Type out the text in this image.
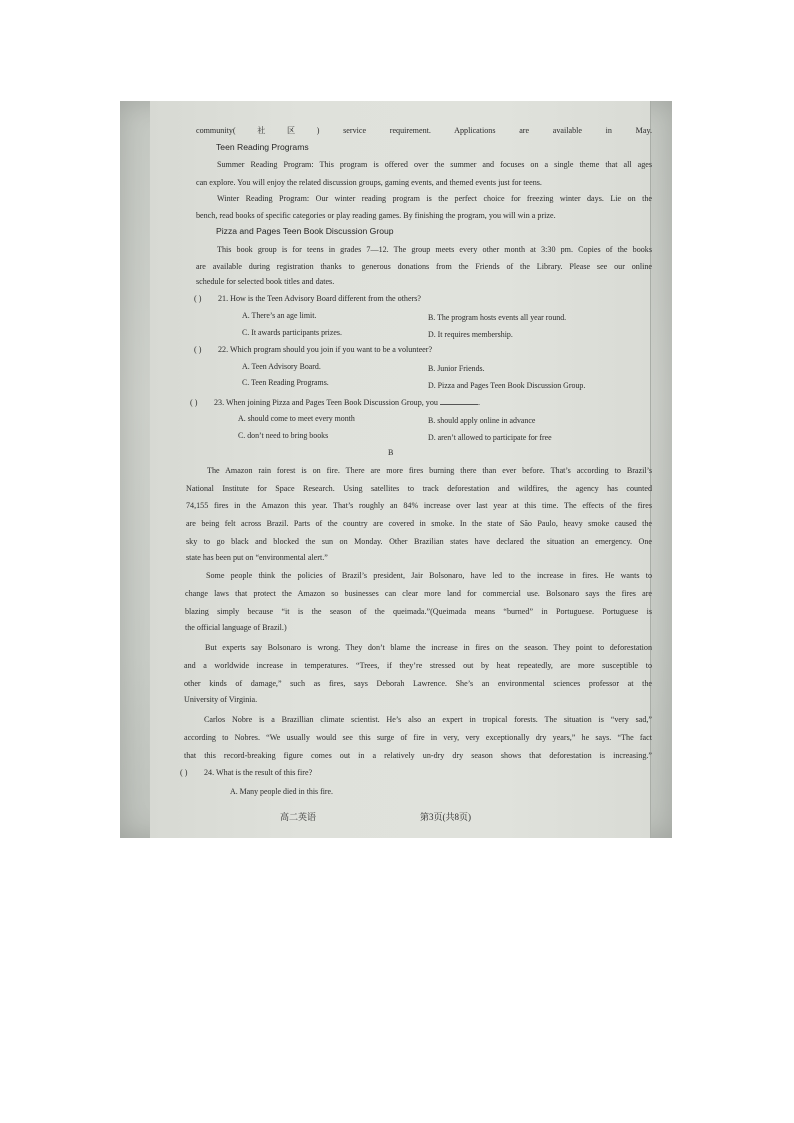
community(社区) service requirement. Applications are available in May.
Teen Reading Programs
Summer Reading Program: This program is offered over the summer and focuses on a single theme that all ages
can explore. You will enjoy the related discussion groups, gaming events, and themed events just for teens.
Winter Reading Program: Our winter reading program is the perfect choice for freezing winter days. Lie on the
bench, read books of specific categories or play reading games. By finishing the program, you will win a prize.
Pizza and Pages Teen Book Discussion Group
This book group is for teens in grades 7—12. The group meets every other month at 3:30 pm. Copies of the books
are available during registration thanks to generous donations from the Friends of the Library. Please see our online
schedule for selected book titles and dates.
( ) 21. How is the Teen Advisory Board different from the others?
A. There’s an age limit.	B. The program hosts events all year round.
C. It awards participants prizes.	D. It requires membership.
( ) 22. Which program should you join if you want to be a volunteer?
A. Teen Advisory Board.	B. Junior Friends.
C. Teen Reading Programs.	D. Pizza and Pages Teen Book Discussion Group.
( ) 23. When joining Pizza and Pages Teen Book Discussion Group, you	.
A. should come to meet every month	B. should apply online in advance
C. don’t need to bring books	D. aren’t allowed to participate for free
B
The Amazon rain forest is on fire. There are more fires burning there than ever before. That’s according to Brazil’s
National Institute for Space Research. Using satellites to track deforestation and wildfires, the agency has counted
74,155 fires in the Amazon this year. That’s roughly an 84% increase over last year at this time. The effects of the fires
are being felt across Brazil. Parts of the country are covered in smoke. In the state of São Paulo, heavy smoke caused the
sky to go black and blocked the sun on Monday. Other Brazilian states have declared the situation an emergency. One
state has been put on “environmental alert.”
Some people think the policies of Brazil’s president, Jair Bolsonaro, have led to the increase in fires. He wants to
change laws that protect the Amazon so businesses can clear more land for commercial use. Bolsonaro says the fires are
blazing simply because “it is the season of the queimada.”(Queimada means “burned” in Portuguese. Portuguese is
the official language of Brazil.)
But experts say Bolsonaro is wrong. They don’t blame the increase in fires on the season. They point to deforestation
and a worldwide increase in temperatures. “Trees, if they’re stressed out by heat repeatedly, are more susceptible to
other kinds of damage,” such as fires, says Deborah Lawrence. She’s an environmental sciences professor at the
University of Virginia.
Carlos Nobre is a Brazillian climate scientist. He’s also an expert in tropical forests. The situation is “very sad,”
according to Nobres. “We usually would see this surge of fire in very, very exceptionally dry years,” he says. “The fact
that this record-breaking figure comes out in a relatively un-dry dry season shows that deforestation is increasing.”
( ) 24. What is the result of this fire?
A. Many people died in this fire.
高二英语	第3页(共8页)
